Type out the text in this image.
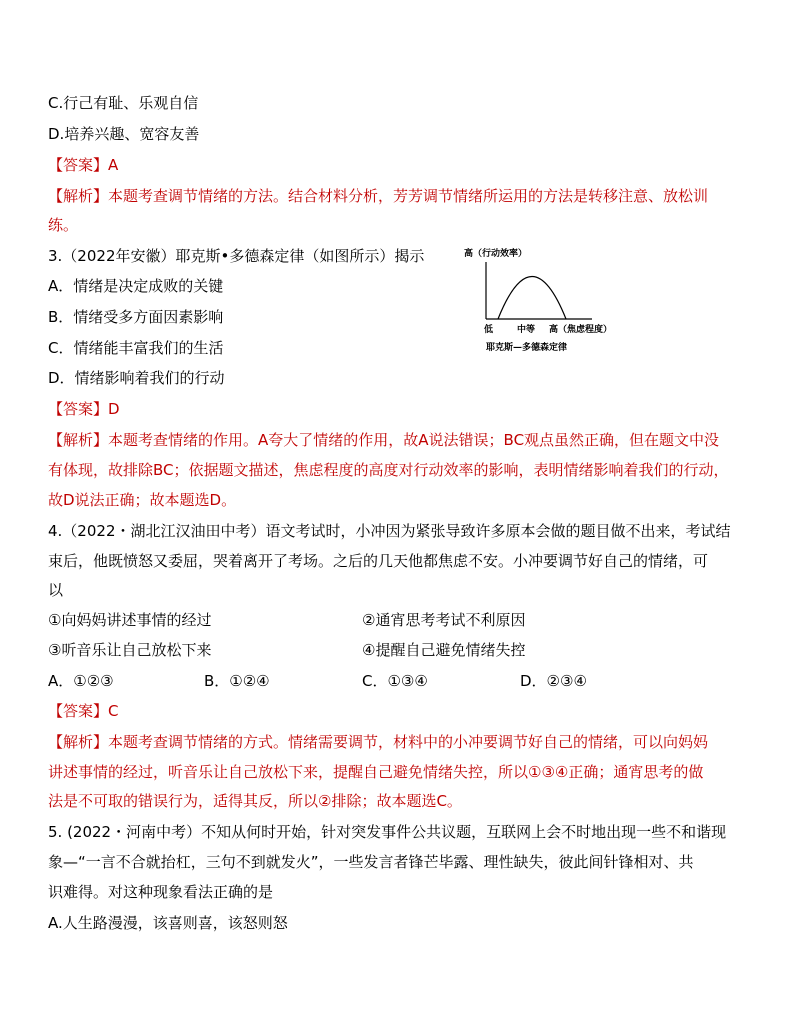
C.行己有耻、乐观自信
D.培养兴趣、宽容友善
【答案】A
【解析】本题考查调节情绪的方法。结合材料分析，芳芳调节情绪所运用的方法是转移注意、放松训
练。
3.（2022年安徽）耶克斯•多德森定律（如图所示）揭示
A．情绪是决定成败的关键
B．情绪受多方面因素影响
C．情绪能丰富我们的生活
D．情绪影响着我们的行动
高（行动效率）
低	中等 高（焦虑程度）
耶克斯—多德森定律
【答案】D
【解析】本题考查情绪的作用。A夸大了情绪的作用，故A说法错误；BC观点虽然正确，但在题文中没
有体现，故排除BC；依据题文描述，焦虑程度的高度对行动效率的影响，表明情绪影响着我们的行动，
故D说法正确；故本题选D。
4.（2022・湖北江汉油田中考）语文考试时，小冲因为紧张导致许多原本会做的题目做不出来，考试结
束后，他既愤怒又委屈，哭着离开了考场。之后的几天他都焦虑不安。小冲要调节好自己的情绪，可
以
①向妈妈讲述事情的经过	②通宵思考考试不利原因
③听音乐让自己放松下来	④提醒自己避免情绪失控
A．①②③	B．①②④	C．①③④	D．②③④
【答案】C
【解析】本题考查调节情绪的方式。情绪需要调节，材料中的小冲要调节好自己的情绪，可以向妈妈
讲述事情的经过，听音乐让自己放松下来，提醒自己避免情绪失控，所以①③④正确；通宵思考的做
法是不可取的错误行为，适得其反，所以②排除；故本题选C。
5. (2022・河南中考）不知从何时开始，针对突发事件公共议题，互联网上会不时地出现一些不和谐现
象—“一言不合就抬杠，三句不到就发火”，一些发言者锋芒毕露、理性缺失，彼此间针锋相对、共
识难得。对这种现象看法正确的是
A.人生路漫漫，该喜则喜，该怒则怒
